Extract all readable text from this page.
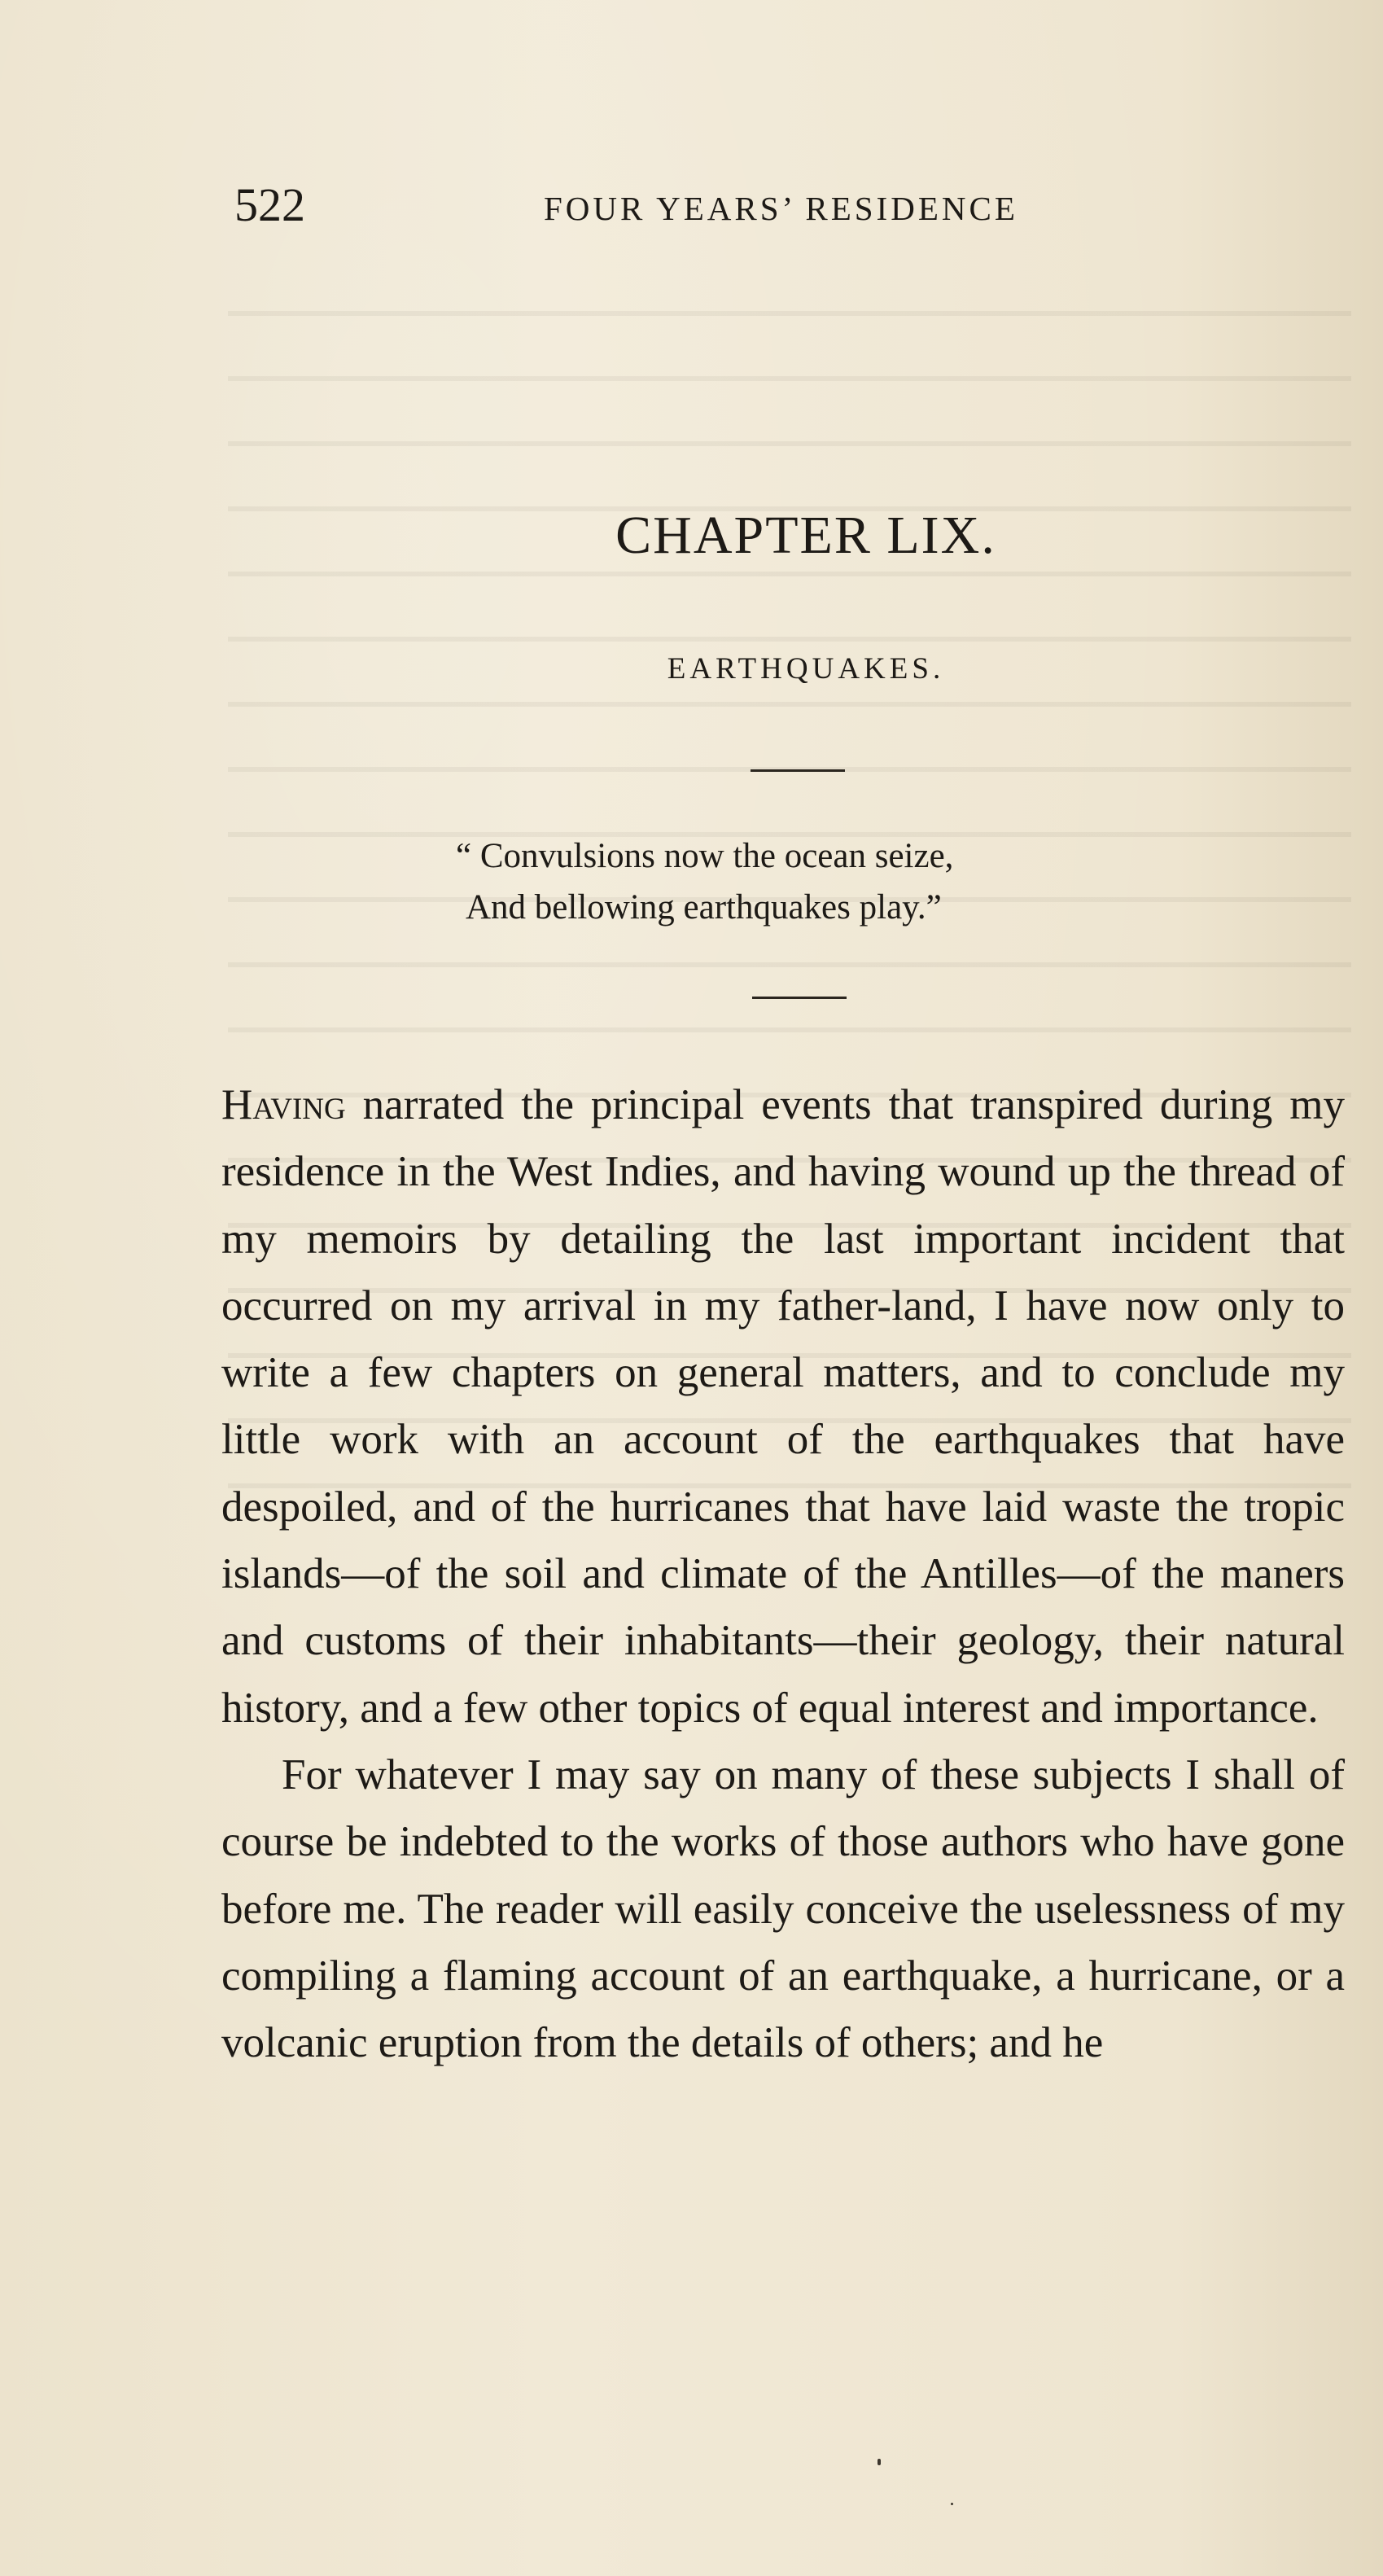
522	FOUR YEARS’ RESIDENCE
CHAPTER LIX.
EARTHQUAKES.
“ Convulsions now the ocean seize,
And bellowing earthquakes play.”

Having narrated the principal events that transpired during my residence in the West Indies, and having wound up the thread of my memoirs by detailing the last important incident that occurred on my arrival in my father-land, I have now only to write a few chapters on general matters, and to conclude my little work with an account of the earthquakes that have despoiled, and of the hurricanes that have laid waste the tropic islands—of the soil and climate of the Antilles—of the maners and customs of their inhabitants—their geology, their natural history, and a few other topics of equal interest and importance.

For whatever I may say on many of these subjects I shall of course be indebted to the works of those authors who have gone before me. The reader will easily conceive the uselessness of my compiling a flaming account of an earthquake, a hurricane, or a volcanic eruption from the details of others; and he
